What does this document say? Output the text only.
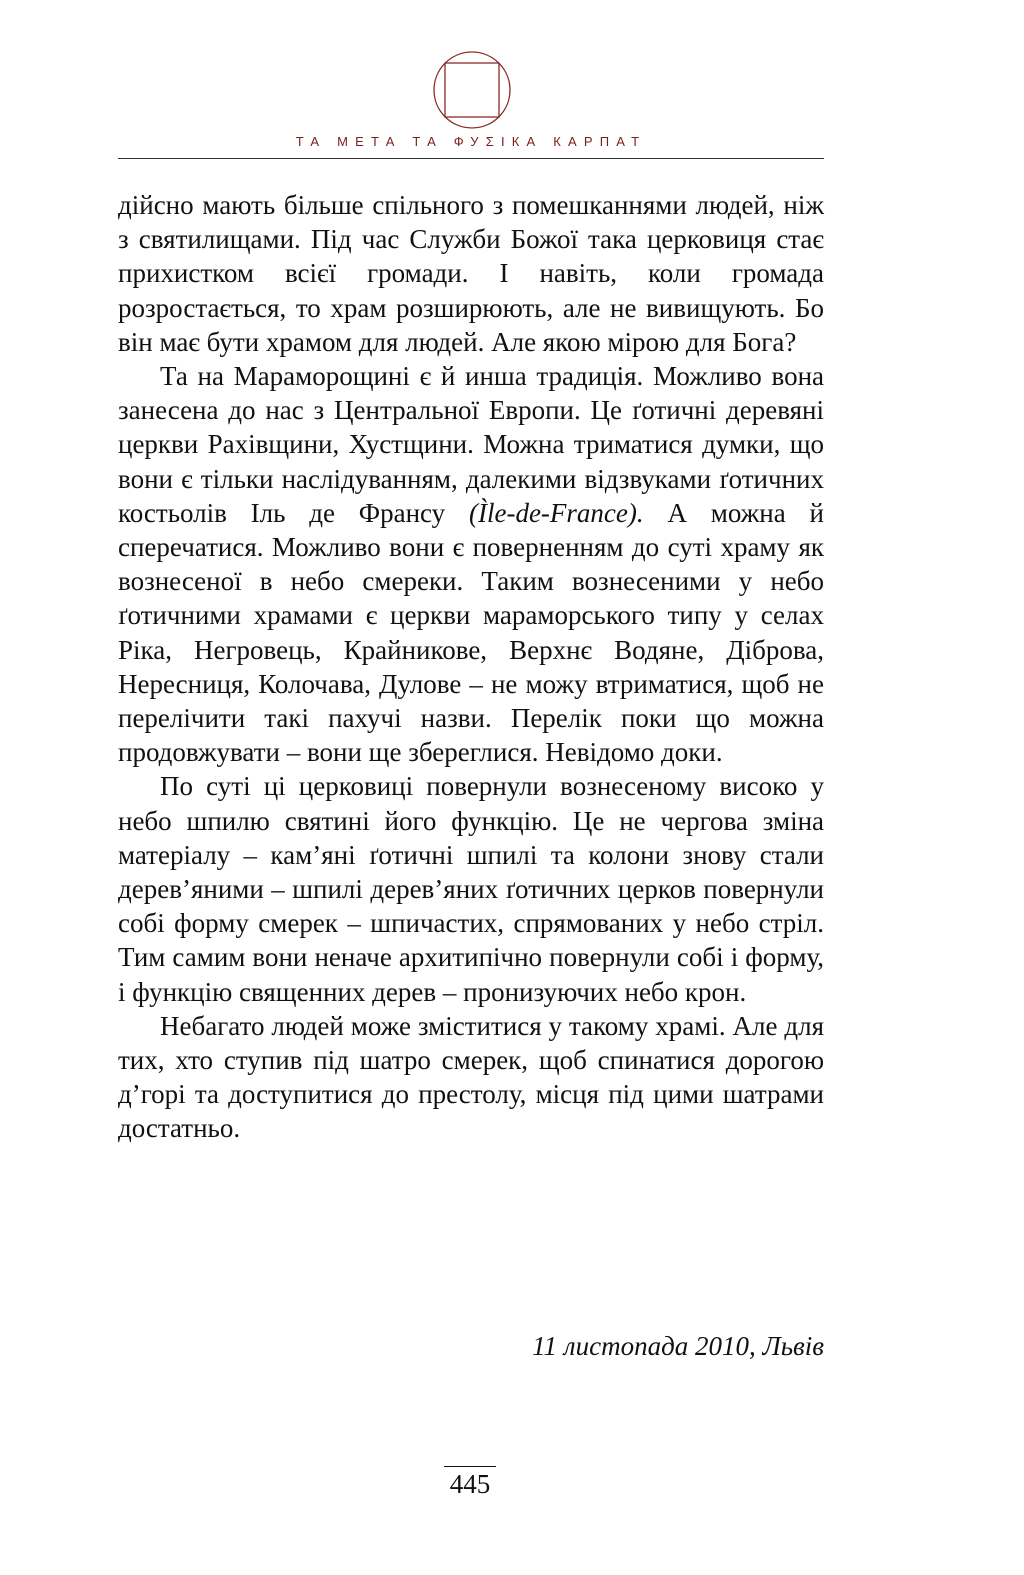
ТА МЕТА ТА ФУΣІКА КАРПАТ

дійсно мають більше спільного з помешканнями людей, ніж з святилищами. Під час Служби Божої така церковиця стає прихистком всієї громади. І навіть, коли громада розростається, то храм розширюють, але не вивищують. Бо він має бути храмом для людей. Але якою мірою для Бога?

Та на Мараморощині є й инша традиція. Можливо вона занесена до нас з Центральної Европи. Це ґотичні деревяні церкви Рахівщини, Хустщини. Можна триматися думки, що вони є тільки наслідуванням, далекими відзвуками ґотичних костьолів Іль де Франсу (Ìle-de-France). А можна й сперечатися. Можливо вони є поверненням до суті храму як вознесеної в небо смереки. Таким вознесеними у небо ґотичними храмами є церкви мараморського типу у селах Ріка, Негровець, Крайникове, Верхнє Водяне, Діброва, Нересниця, Колочава, Дулове – не можу втриматися, щоб не перелічити такі пахучі назви. Перелік поки що можна продовжувати – вони ще збереглися. Невідомо доки.

По суті ці церковиці повернули вознесеному високо у небо шпилю святині його функцію. Це не чергова зміна матеріалу – кам’яні ґотичні шпилі та колони знову стали дерев’яними – шпилі дерев’яних ґотичних церков повернули собі форму смерек – шпичастих, спрямованих у небо стріл. Тим самим вони неначе архитипічно повернули собі і форму, і функцію священних дерев – пронизуючих небо крон.

Небагато людей може зміститися у такому храмі. Але для тих, хто ступив під шатро смерек, щоб спинатися дорогою д’горі та доступитися до престолу, місця під цими шатрами достатньо.

11 листопада 2010, Львів
445
